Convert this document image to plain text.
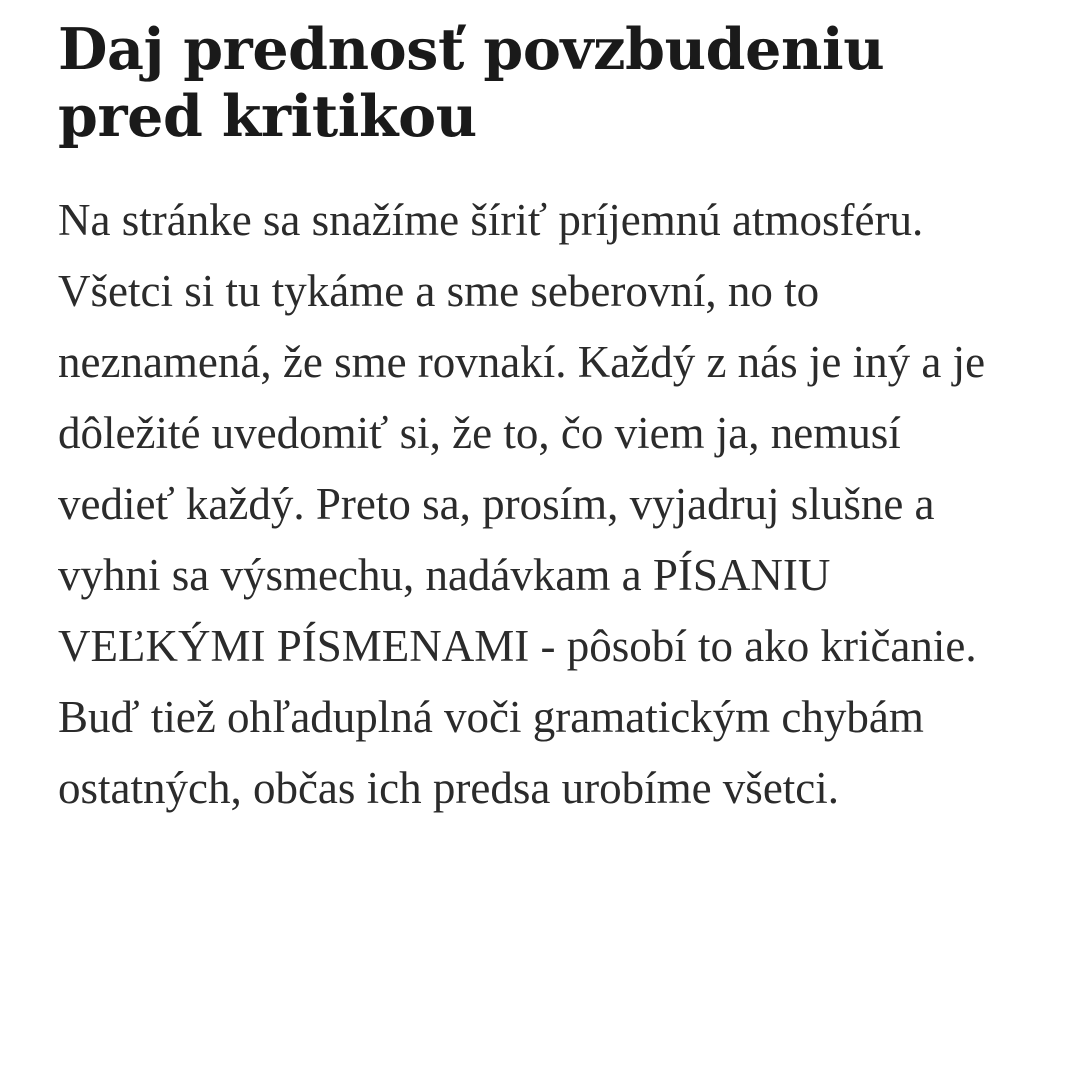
Daj prednosť povzbudeniu pred kritikou

Na stránke sa snažíme šíriť príjemnú atmosféru. Všetci si tu tykáme a sme seberovní, no to neznamená, že sme rovnakí. Každý z nás je iný a je dôležité uvedomiť si, že to, čo viem ja, nemusí vedieť každý. Preto sa, prosím, vyjadruj slušne a vyhni sa výsmechu, nadávkam a PÍSANIU VEĽKÝMI PÍSMENAMI - pôsobí to ako kričanie. Buď tiež ohľaduplná voči gramatickým chybám ostatných, občas ich predsa urobíme všetci.
